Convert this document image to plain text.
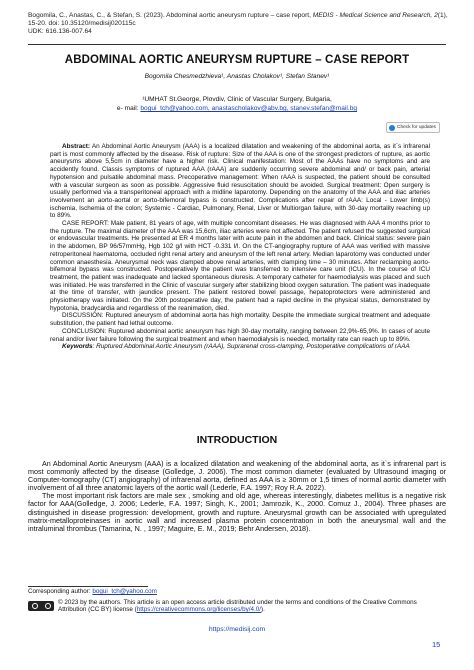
Bogomila, C., Anastas, C., & Stefan, S. (2023). Abdominal aortic aneurysm rupture – case report, MEDIS - Medical Science and Research, 2(1), 15-20. doi: 10.35120/medisij020115c
UDK: 616.136-007.64
ABDOMINAL AORTIC ANEURYSM RUPTURE – CASE REPORT
Bogomila Chesmedzhieva¹, Anastas Cholakov¹, Stefan Stanev¹
¹UMHAT St.George, Plovdiv, Clinic of Vascular Surgery, Bulgaria,
e- mail: bogui_tch@yahoo.com, anastascholakov@abv.bg, stanev.stefan@mail.bg
Check for updates

Abstract: An Abdominal Aortic Aneurysm (AAA) is a localized dilatation and weakening of the abdominal aorta, as it`s infrarenal part is most commonly affected by the disease. Risk of rupture: Size of the AAA is one of the strongest predictors of rupture, as aortic aneurysms above 5,5cm in diameter have a higher risk. Clinical manifestation: Most of the AAAs have no symptoms and are accidently found. Classis symptoms of ruptured AAA (rAAA) are suddenly occurring severe abdominal and/ or back pain, arterial hypotension and pulsatile abdominal mass. Precoperative management: When rAAA is suspected, the patient should be consulted with a vascular surgeon as soon as possible. Aggressive fluid resuscitation should be avoided. Surgical treatment: Open surgery is usually performed via a transperitoneal approach with a midline laparotomy. Depending on the anatomy of the AAA and iliac arteries involvement an aorto-aortal or aorto-bifemoral bypass is constructed. Complications after repair of rAAA: Local - Lower limb(s) ischemia, Ischemia of the colon; Systemic - Cardiac, Pulmonary, Renal, Liver or Multiorgan failure, with 30-day mortality reaching up to 89%.

CASE REPORT: Male patient, 81 years of age, with multiple concomitant diseases. He was diagnosed with AAA 4 months prior to the rupture. The maximal diameter of the AAA was 15,6cm, iliac arteries were not affected. The patient refused the suggested surgical or endovascular treatments. He presented at ER 4 months later with acute pain in the abdomen and back. Clinical status: severe pain in the abdomen, BP 96/57mmHg, Hgb 102 g/l with HCT -0.331 l/l. On the CT-angiography rupture of AAA was verified with massive retroperitoneal haematoma, occluded right renal artery and aneurysm of the left renal artery. Median laparotomy was conducted under common anaesthesia. Aneurysmal neck was clamped above renal arteries, with clamping time – 30 minutes. After reclamping aorto-bifemoral bypass was constructed. Postoperatively the patient was transferred to intensive care unit (ICU). In the course of ICU treatment, the patient was inadequate and lacked spontaneous diuresis. A temporary catheter for haemodialysis was placed and such was initiated. He was transferred in the Clinic of vascular surgery after stabilizing blood oxygen saturation. The patient was inadequate at the time of transfer, with jaundice present. The patient restored bowel passage, hepatoprotectors were administered and physiotherapy was initiated. On the 20th postoperative day, the patient had a rapid decline in the physical status, demonstrated by hypotonia, bradycardia and regardless of the reanimation, died.

DISCUSSION: Ruptured aneurysm of abdominal aorta has high mortality. Despite the immediate surgical treatment and adequate substitution, the patient had lethal outcome.

CONCLUSION: Ruptured abdominal aortic aneurysm has high 30-day mortality, ranging between 22,9%-65,9%. In cases of acute renal and/or liver failure following the surgical treatment and when haemodialysis is needed, mortality rate can reach up to 89%.

Keywords: Ruptured Abdominal Aortic Aneurysm (rAAA), Suprarenal cross-clamping, Postoperative complications of rAAA

INTRODUCTION

An Abdominal Aortic Aneurysm (AAA) is a localized dilatation and weakening of the abdominal aorta, as it`s infrarenal part is most commonly affected by the disease (Golledge, J. 2006). The most common diameter (evaluated by Ultrasound imaging or Computer-tomography (CT) angiography) of infrarenal aorta, defined as AAA is ≥ 30mm or 1,5 times of normal aortic diameter with involvement of all three anatomic layers of the aortic wall (Lederle, F.A. 1997; Roy R.A. 2022).

The most important risk factors are male sex , smoking and old age, whereas interestingly, diabetes mellitus is a negative risk factor for AAA(Golledge, J. 2006; Lederle, F.A. 1997; Singh, K., 2001; Jamrozik, K., 2000. Comuz J., 2004). Three phases are distinguished in disease progression: development, growth and rupture. Aneurysmal growth can be associated with upregulated matrix-metalloproteinases in aortic wall and increased plasma protein concentration in both the aneurysmal wall and the intraluminal thrombus (Tamarina, N. , 1997; Maguire, E. M., 2019; Behr Andersen, 2018).

Corresponding author: bogui_tch@yahoo.com
© 2023 by the authors. This article is an open access article distributed under the terms and conditions of the Creative Commons Attribution (CC BY) license (https://creativecommons.org/licenses/by/4.0/).
https://medisij.com
15
